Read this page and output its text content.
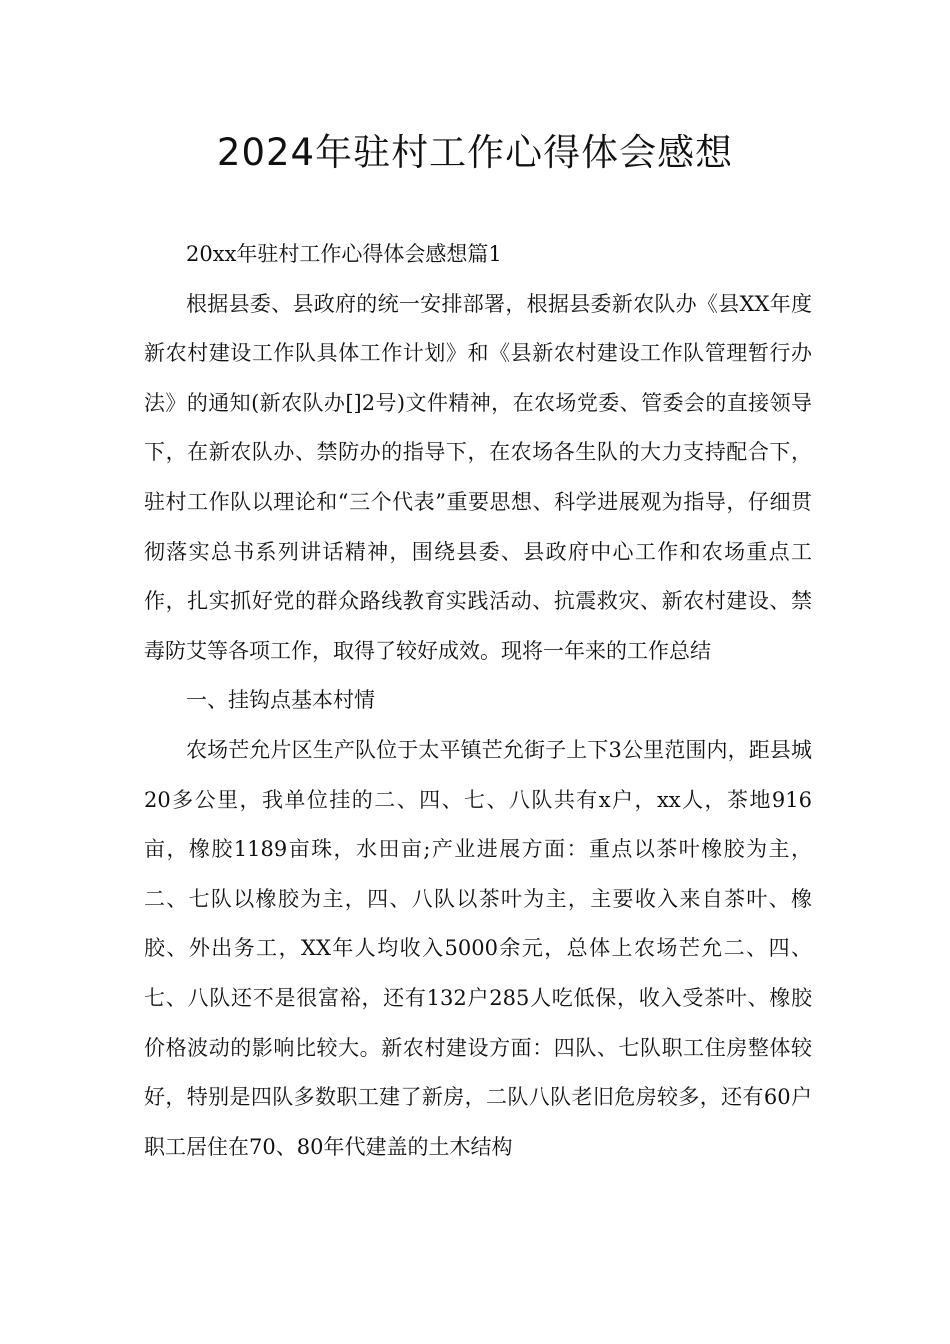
2024年驻村工作心得体会感想

20xx年驻村工作心得体会感想篇1

根据县委、县政府的统一安排部署，根据县委新农队办《县XX年度新农村建设工作队具体工作计划》和《县新农村建设工作队管理暂行办法》的通知(新农队办[]2号)文件精神，在农场党委、管委会的直接领导下，在新农队办、禁防办的指导下，在农场各生队的大力支持配合下，驻村工作队以理论和“三个代表”重要思想、科学进展观为指导，仔细贯彻落实总书系列讲话精神，围绕县委、县政府中心工作和农场重点工作，扎实抓好党的群众路线教育实践活动、抗震救灾、新农村建设、禁毒防艾等各项工作，取得了较好成效。现将一年来的工作总结

一、挂钩点基本村情

农场芒允片区生产队位于太平镇芒允街子上下3公里范围内，距县城20多公里，我单位挂的二、四、七、八队共有x户，xx人，茶地916亩，橡胶1189亩珠，水田亩;产业进展方面：重点以茶叶橡胶为主，二、七队以橡胶为主，四、八队以茶叶为主，主要收入来自茶叶、橡胶、外出务工，XX年人均收入5000余元，总体上农场芒允二、四、七、八队还不是很富裕，还有132户285人吃低保，收入受茶叶、橡胶价格波动的影响比较大。新农村建设方面：四队、七队职工住房整体较好，特别是四队多数职工建了新房，二队八队老旧危房较多，还有60户职工居住在70、80年代建盖的土木结构
